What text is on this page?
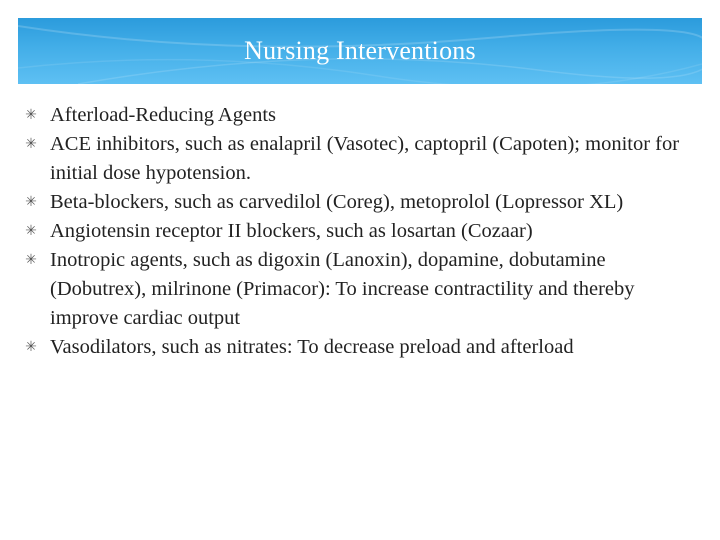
Nursing Interventions
✳ Afterload-Reducing Agents
✳ ACE inhibitors, such as enalapril (Vasotec), captopril (Capoten); monitor for initial dose hypotension.
✳ Beta-blockers, such as carvedilol (Coreg), metoprolol (Lopressor XL)
✳ Angiotensin receptor II blockers, such as losartan (Cozaar)
✳ Inotropic agents, such as digoxin (Lanoxin), dopamine, dobutamine (Dobutrex), milrinone (Primacor): To increase contractility and thereby improve cardiac output
✳ Vasodilators, such as nitrates: To decrease preload and afterload
